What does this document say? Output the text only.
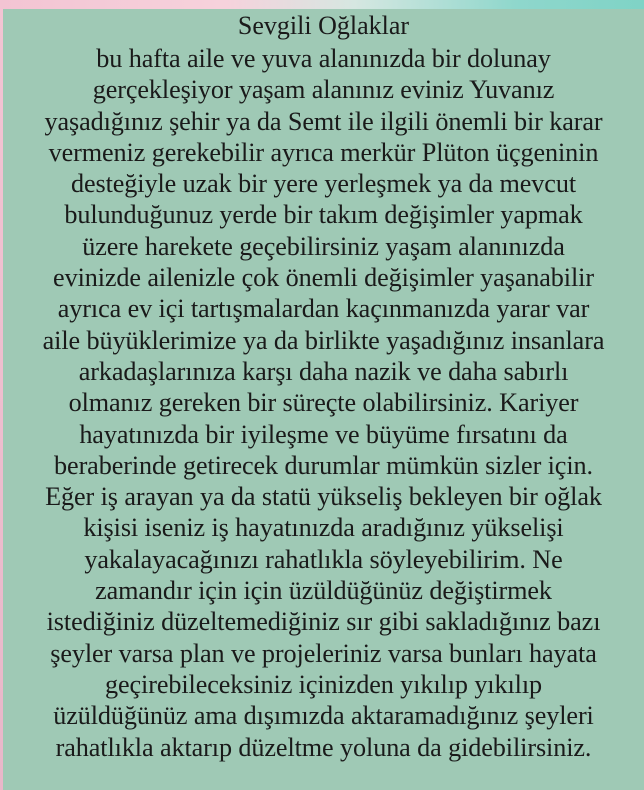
Sevgili Oğlaklar
bu hafta aile ve yuva alanınızda bir dolunay
gerçekleşiyor yaşam alanınız eviniz Yuvanız
yaşadığınız şehir ya da Semt ile ilgili önemli bir karar
vermeniz gerekebilir ayrıca merkür Plüton üçgeninin
desteğiyle uzak bir yere yerleşmek ya da mevcut
bulunduğunuz yerde bir takım değişimler yapmak
üzere harekete geçebilirsiniz yaşam alanınızda
evinizde ailenizle çok önemli değişimler yaşanabilir
ayrıca ev içi tartışmalardan kaçınmanızda yarar var
aile büyüklerimize ya da birlikte yaşadığınız insanlara
arkadaşlarınıza karşı daha nazik ve daha sabırlı
olmanız gereken bir süreçte olabilirsiniz. Kariyer
hayatınızda bir iyileşme ve büyüme fırsatını da
beraberinde getirecek durumlar mümkün sizler için.
Eğer iş arayan ya da statü yükseliş bekleyen bir oğlak
kişisi iseniz iş hayatınızda aradığınız yükselişi
yakalayacağınızı rahatlıkla söyleyebilirim. Ne
zamandır için için üzüldüğünüz değiştirmek
istediğiniz düzeltemediğiniz sır gibi sakladığınız bazı
şeyler varsa plan ve projeleriniz varsa bunları hayata
geçirebileceksiniz içinizden yıkılıp yıkılıp
üzüldüğünüz ama dışımızda aktaramadığınız şeyleri
rahatlıkla aktarıp düzeltme yoluna da gidebilirsiniz.
